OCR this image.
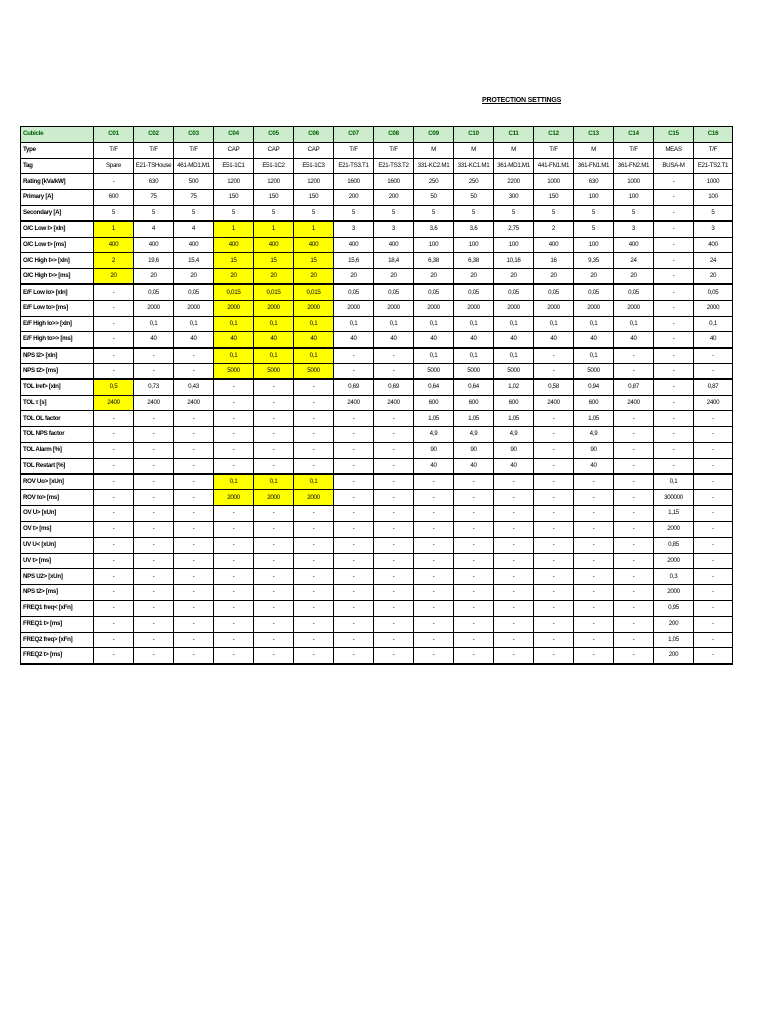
PROTECTION SETTINGS
Cubicle	C01	C02	C03	C04	C05	C06	C07	C08	C09	C10	C11	C12	C13	C14	C15	C16
Type	T/F	T/F	T/F	CAP	CAP	CAP	T/F	T/F	M	M	M	T/F	M	T/F	MEAS	T/F
Tag	Spare	E21-TSHouse	461-MD1.M1	E51-1C1	E51-1C2	E51-1C3	E21-TS3.T1	E21-TS3.T2	331-KC2.M1	331-KC1.M1	361-MD1.M1	441-FN1.M1	361-FN1.M1	361-FN2.M1	BUSA-M	E21-TS2.T1
Rating [kVa/kW]	-	630	500	1200	1200	1200	1600	1600	250	250	2200	1000	630	1000	-	1000
Primary [A]	600	75	75	150	150	150	200	200	50	50	300	150	100	100	-	100
Secondary [A]	5	5	5	5	5	5	5	5	5	5	5	5	5	5	-	5
O/C Low I> [xIn]	1	4	4	1	1	1	3	3	3,6	3,6	2,75	2	5	3	-	3
O/C Low t> [ms]	400	400	400	400	400	400	400	400	100	100	100	400	100	400	-	400
O/C High I>> [xIn]	2	19,6	15,4	15	15	15	15,6	18,4	6,38	6,38	10,16	16	9,35	24	-	24
O/C High t>> [ms]	20	20	20	20	20	20	20	20	20	20	20	20	20	20	-	20
E/F Low Io> [xIn]	-	0,05	0,05	0,015	0,015	0,015	0,05	0,05	0,05	0,05	0,05	0,05	0,05	0,05	-	0,05
E/F Low to> [ms]	-	2000	2000	2000	2000	2000	2000	2000	2000	2000	2000	2000	2000	2000	-	2000
E/F High Io>> [xIn]	-	0,1	0,1	0,1	0,1	0,1	0,1	0,1	0,1	0,1	0,1	0,1	0,1	0,1	-	0,1
E/F High to>> [ms]	-	40	40	40	40	40	40	40	40	40	40	40	40	40	-	40
NPS I2> [xIn]	-	-	-	0,1	0,1	0,1	-	-	0,1	0,1	0,1	-	0,1	-	-	-
NPS t2> [ms]	-	-	-	5000	5000	5000	-	-	5000	5000	5000	-	5000	-	-	-
TOL Iref> [xIn]	0,5	0,73	0,43	-	-	-	0,69	0,69	0,64	0,64	1,02	0,58	0,94	0,87	-	0,87
TOL τ [s]	2400	2400	2400	-	-	-	2400	2400	600	600	600	2400	600	2400	-	2400
TOL OL factor	-	-	-	-	-	-	-	-	1,05	1,05	1,05	-	1,05	-	-	-
TOL NPS factor	-	-	-	-	-	-	-	-	4,9	4,9	4,9	-	4,9	-	-	-
TOL Alarm [%]	-	-	-	-	-	-	-	-	90	90	90	-	90	-	-	-
TOL Restart [%]	-	-	-	-	-	-	-	-	40	40	40	-	40	-	-	-
ROV Uo> [xUn]	-	-	-	0,1	0,1	0,1	-	-	-	-	-	-	-	-	0,1	-
ROV to> [ms]	-	-	-	2000	2000	2000	-	-	-	-	-	-	-	-	300000	-
OV U> [xUn]	-	-	-	-	-	-	-	-	-	-	-	-	-	-	1,15	-
OV t> [ms]	-	-	-	-	-	-	-	-	-	-	-	-	-	-	2000	-
UV U< [xUn]	-	-	-	-	-	-	-	-	-	-	-	-	-	-	0,85	-
UV t> [ms]	-	-	-	-	-	-	-	-	-	-	-	-	-	-	2000	-
NPS U2> [xUn]	-	-	-	-	-	-	-	-	-	-	-	-	-	-	0,3	-
NPS t2> [ms]	-	-	-	-	-	-	-	-	-	-	-	-	-	-	2000	-
FREQ1 freq< [xFn]	-	-	-	-	-	-	-	-	-	-	-	-	-	-	0,95	-
FREQ1 t> [ms]	-	-	-	-	-	-	-	-	-	-	-	-	-	-	200	-
FREQ2 freq> [xFn]	-	-	-	-	-	-	-	-	-	-	-	-	-	-	1,05	-
FREQ2 t> [ms]	-	-	-	-	-	-	-	-	-	-	-	-	-	-	200	-
